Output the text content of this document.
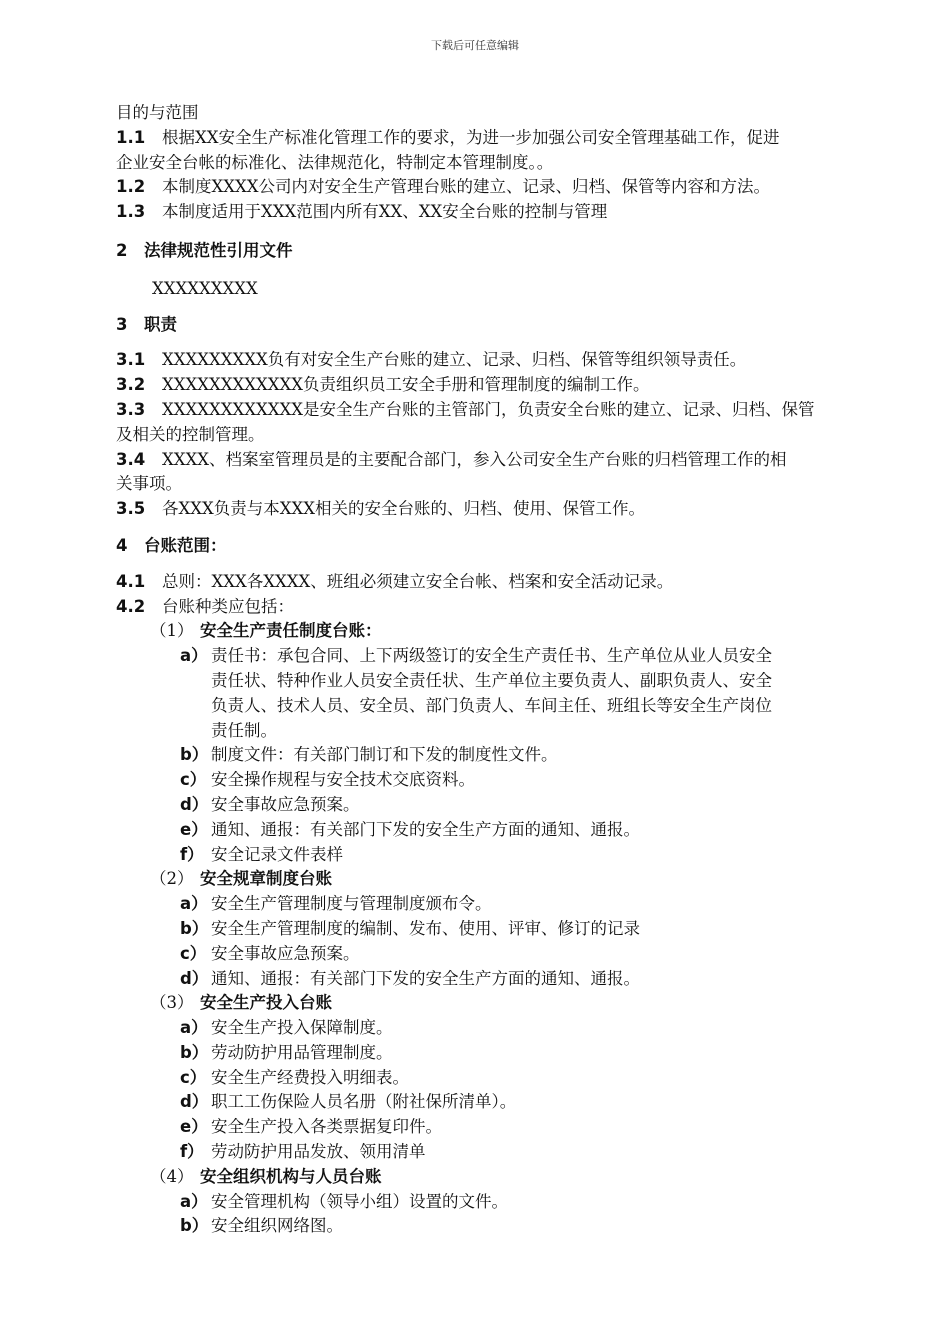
下载后可任意编辑
目的与范围
1.1 根据XX安全生产标准化管理工作的要求，为进一步加强公司安全管理基础工作，促进
企业安全台帐的标准化、法律规范化，特制定本管理制度。。
1.2 本制度XXXX公司内对安全生产管理台账的建立、记录、归档、保管等内容和方法。
1.3 本制度适用于XXX范围内所有XX、XX安全台账的控制与管理
2 法律规范性引用文件
XXXXXXXXX
3 职责
3.1 XXXXXXXXX负有对安全生产台账的建立、记录、归档、保管等组织领导责任。
3.2 XXXXXXXXXXXX负责组织员工安全手册和管理制度的编制工作。
3.3 XXXXXXXXXXXX是安全生产台账的主管部门，负责安全台账的建立、记录、归档、保管
及相关的控制管理。
3.4 XXXX、档案室管理员是的主要配合部门，参入公司安全生产台账的归档管理工作的相
关事项。
3.5 各XXX负责与本XXX相关的安全台账的、归档、使用、保管工作。
4 台账范围：
4.1 总则：XXX各XXXX、班组必须建立安全台帐、档案和安全活动记录。
4.2 台账种类应包括：
（1） 安全生产责任制度台账：
a） 责任书：承包合同、上下两级签订的安全生产责任书、生产单位从业人员安全
责任状、特种作业人员安全责任状、生产单位主要负责人、副职负责人、安全
负责人、技术人员、安全员、部门负责人、车间主任、班组长等安全生产岗位
责任制。
b） 制度文件：有关部门制订和下发的制度性文件。
c） 安全操作规程与安全技术交底资料。
d） 安全事故应急预案。
e） 通知、通报：有关部门下发的安全生产方面的通知、通报。
f） 安全记录文件表样
（2） 安全规章制度台账
a） 安全生产管理制度与管理制度颁布令。
b） 安全生产管理制度的编制、发布、使用、评审、修订的记录
c） 安全事故应急预案。
d） 通知、通报：有关部门下发的安全生产方面的通知、通报。
（3） 安全生产投入台账
a） 安全生产投入保障制度。
b） 劳动防护用品管理制度。
c） 安全生产经费投入明细表。
d） 职工工伤保险人员名册（附社保所清单）。
e） 安全生产投入各类票据复印件。
f） 劳动防护用品发放、领用清单
（4） 安全组织机构与人员台账
a） 安全管理机构（领导小组）设置的文件。
b） 安全组织网络图。
